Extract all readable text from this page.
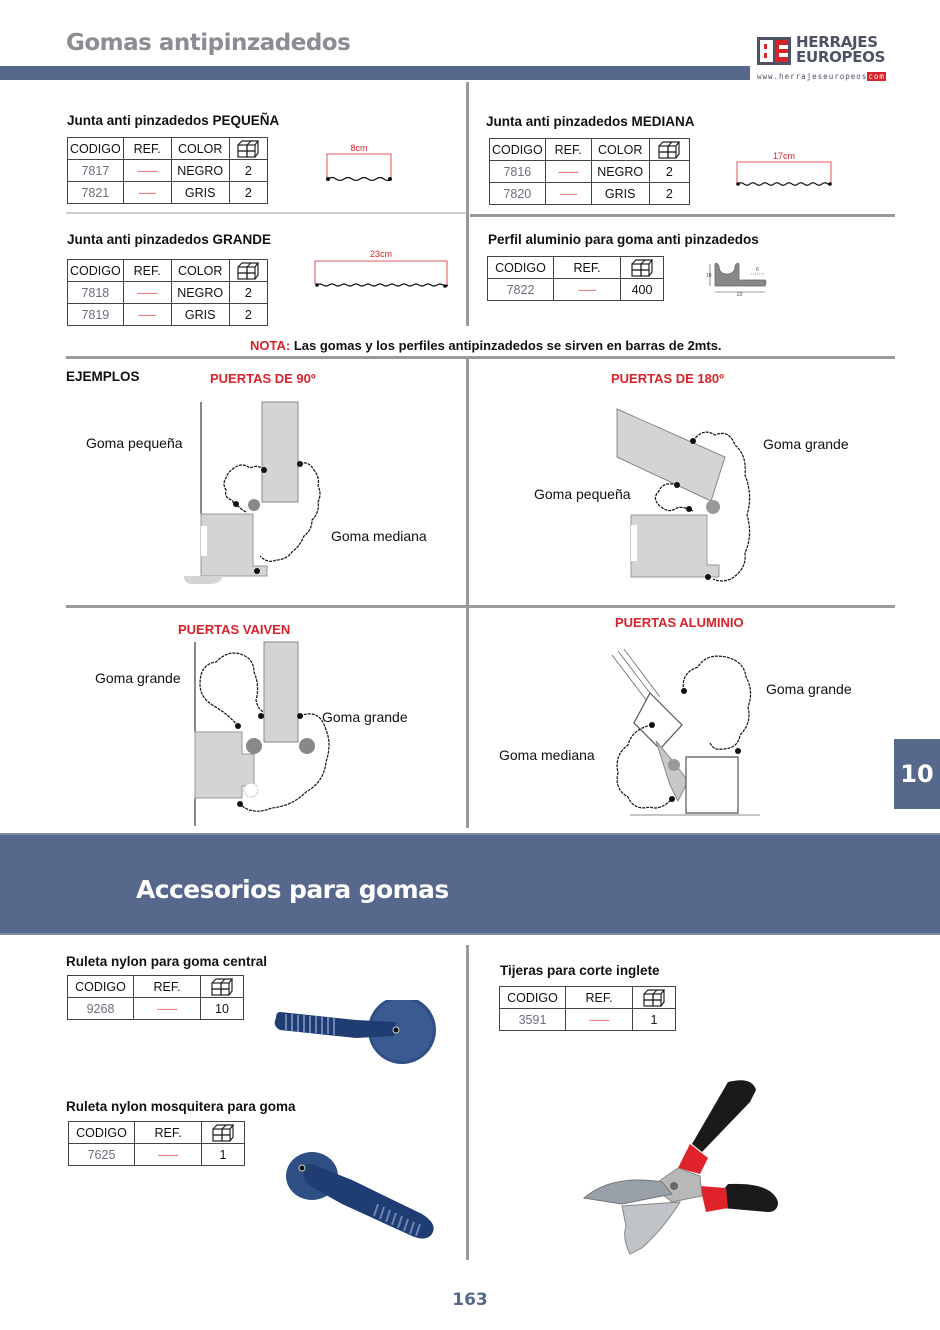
Gomas antipinzadedos	HERRAJES
EUROPEOS
www.herrajeseuropeoscom
Junta anti pinzadedos PEQUEÑA
CODIGO	REF.	COLOR	
7817	--------	NEGRO	2
7821	-------	GRIS	2
8cm
Junta anti pinzadedos MEDIANA
CODIGO	REF.	COLOR	
7816	--------	NEGRO	2
7820	-------	GRIS	2
17cm
Junta anti pinzadedos GRANDE
CODIGO	REF.	COLOR	
7818	--------	NEGRO	2
7819	-------	GRIS	2
23cm
Perfil aluminio para goma anti pinzadedos
CODIGO	REF.	
7822	-------	400
18
22
6
NOTA: Las gomas y los perfiles antipinzadedos se sirven en barras de 2mts.
EJEMPLOS	PUERTAS DE 90º
Goma pequeña
Goma mediana
PUERTAS DE 180º
Goma grande
Goma pequeña
PUERTAS VAIVEN
Goma grande
Goma grande
PUERTAS ALUMINIO
Goma grande
Goma mediana
10
Accesorios para gomas
Ruleta nylon para goma central
CODIGO	REF.	
9268	--------	10
Ruleta nylon mosquitera para goma
CODIGO	REF.	
7625	--------	1
Tijeras para corte inglete
CODIGO	REF.	
3591	--------	1
163
